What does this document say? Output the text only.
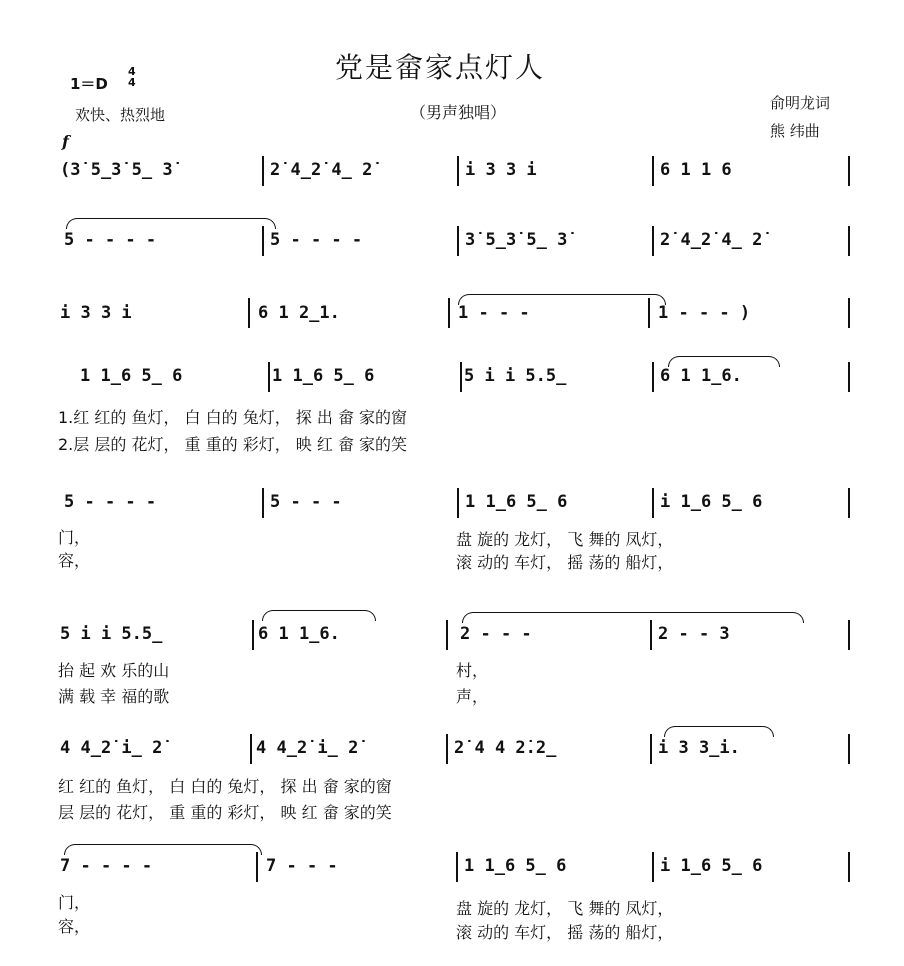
党是畲家点灯人
（男声独唱）
1＝D
4
4
欢快、热烈地
f
俞明龙词
熊 纬曲
(3̇ 5̲3̇ 5̲ 3̇	2̇ 4̲2̇ 4̲ 2̇	i 3 3 i	6 1 1 6
5 - - - -	5 - - - -	3̇ 5̲3̇ 5̲ 3̇	2̇ 4̲2̇ 4̲ 2̇
i 3 3 i	6 1 2̲1.	1 - - -	1 - - - )
1 1̲6 5̲ 6	1 1̲6 5̲ 6	5 i i 5.5̲	6 1 1̲6.
1.红 红的 鱼灯， 白 白的 兔灯， 探 出 畲 家的窗
2.层 层的 花灯， 重 重的 彩灯， 映 红 畲 家的笑
5 - - - -	5 - - -	1 1̲6 5̲ 6	i 1̲6 5̲ 6
门，
容，
盘 旋的 龙灯， 飞 舞的 凤灯，
滚 动的 车灯， 摇 荡的 船灯，
5 i i 5.5̲	6 1 1̲6.	2 - - -	2 - - 3
抬 起 欢 乐的山
满 载 幸 福的歌
村，
声，
4 4̲2̇ i̲ 2̇	4 4̲2̇ i̲ 2̇	2̇ 4 4 2̇.2̲	i 3 3̲i.
红 红的 鱼灯， 白 白的 兔灯， 探 出 畲 家的窗
层 层的 花灯， 重 重的 彩灯， 映 红 畲 家的笑
7 - - - -	7 - - -	1 1̲6 5̲ 6	i 1̲6 5̲ 6
门，
容，
盘 旋的 龙灯， 飞 舞的 凤灯，
滚 动的 车灯， 摇 荡的 船灯，
